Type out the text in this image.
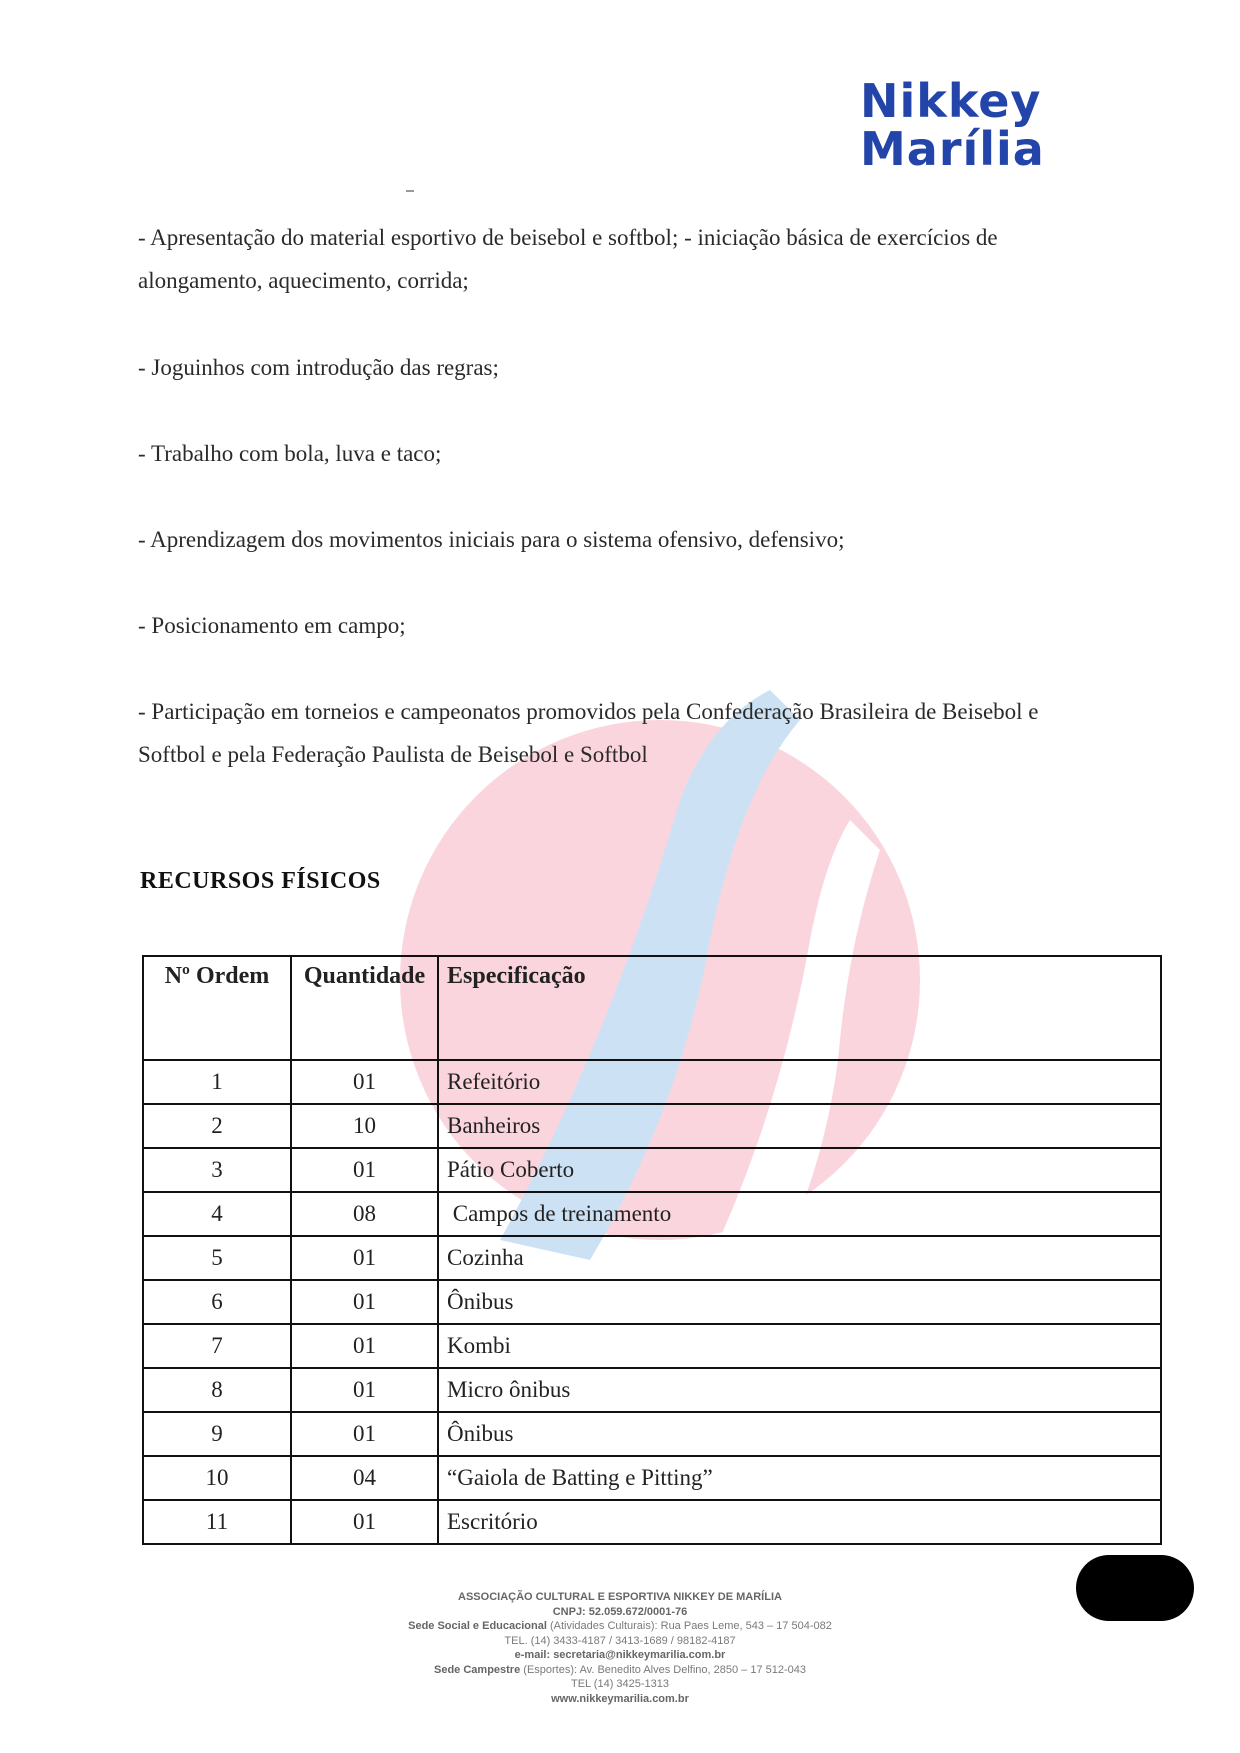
Nikkey
Marília

- Apresentação do material esportivo de beisebol e softbol; - iniciação básica de exercícios de alongamento, aquecimento, corrida;

- Joguinhos com introdução das regras;

- Trabalho com bola, luva e taco;

- Aprendizagem dos movimentos iniciais para o sistema ofensivo, defensivo;

- Posicionamento em campo;

- Participação em torneios e campeonatos promovidos pela Confederação Brasileira de Beisebol e Softbol e pela Federação Paulista de Beisebol e Softbol

RECURSOS FÍSICOS
Nº Ordem	Quantidade	Especificação
1	01	Refeitório
2	10	Banheiros
3	01	Pátio Coberto
4	08	Campos de treinamento
5	01	Cozinha
6	01	Ônibus
7	01	Kombi
8	01	Micro ônibus
9	01	Ônibus
10	04	“Gaiola de Batting e Pitting”
11	01	Escritório
ASSOCIAÇÃO CULTURAL E ESPORTIVA NIKKEY DE MARÍLIA
CNPJ: 52.059.672/0001-76
Sede Social e Educacional (Atividades Culturais): Rua Paes Leme, 543 – 17 504-082
TEL. (14) 3433-4187 / 3413-1689 / 98182-4187
e-mail: secretaria@nikkeymarilia.com.br
Sede Campestre (Esportes): Av. Benedito Alves Delfino, 2850 – 17 512-043
TEL (14) 3425-1313
www.nikkeymarilia.com.br
